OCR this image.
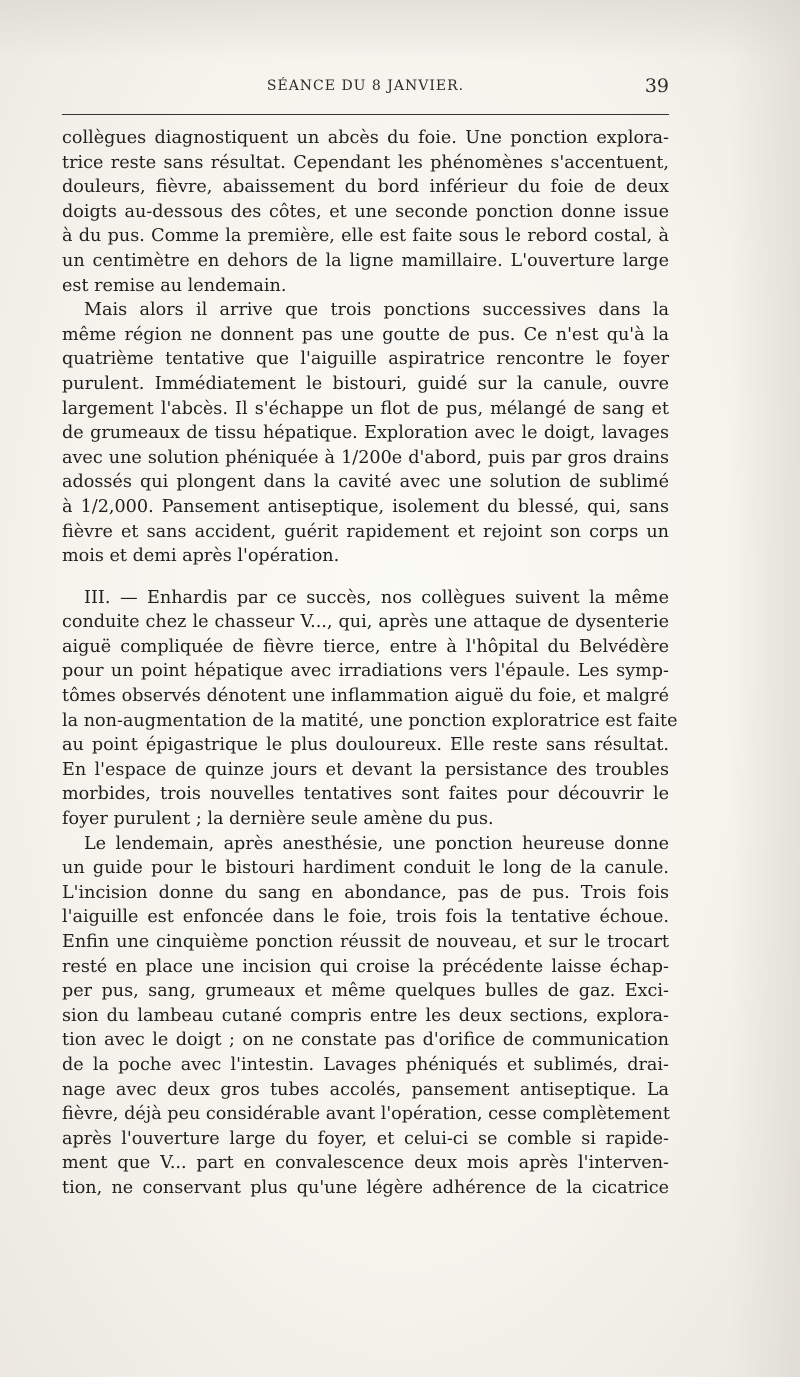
SÉANCE DU 8 JANVIER.	39
collègues diagnostiquent un abcès du foie. Une ponction explora-
trice reste sans résultat. Cependant les phénomènes s'accentuent,
douleurs, fièvre, abaissement du bord inférieur du foie de deux
doigts au-dessous des côtes, et une seconde ponction donne issue
à du pus. Comme la première, elle est faite sous le rebord costal, à
un centimètre en dehors de la ligne mamillaire. L'ouverture large
est remise au lendemain.
Mais alors il arrive que trois ponctions successives dans la
même région ne donnent pas une goutte de pus. Ce n'est qu'à la
quatrième tentative que l'aiguille aspiratrice rencontre le foyer
purulent. Immédiatement le bistouri, guidé sur la canule, ouvre
largement l'abcès. Il s'échappe un flot de pus, mélangé de sang et
de grumeaux de tissu hépatique. Exploration avec le doigt, lavages
avec une solution phéniquée à 1/200e d'abord, puis par gros drains
adossés qui plongent dans la cavité avec une solution de sublimé
à 1/2,000. Pansement antiseptique, isolement du blessé, qui, sans
fièvre et sans accident, guérit rapidement et rejoint son corps un
mois et demi après l'opération.
III. — Enhardis par ce succès, nos collègues suivent la même
conduite chez le chasseur V..., qui, après une attaque de dysenterie
aiguë compliquée de fièvre tierce, entre à l'hôpital du Belvédère
pour un point hépatique avec irradiations vers l'épaule. Les symp-
tômes observés dénotent une inflammation aiguë du foie, et malgré
la non-augmentation de la matité, une ponction exploratrice est faite
au point épigastrique le plus douloureux. Elle reste sans résultat.
En l'espace de quinze jours et devant la persistance des troubles
morbides, trois nouvelles tentatives sont faites pour découvrir le
foyer purulent ; la dernière seule amène du pus.
Le lendemain, après anesthésie, une ponction heureuse donne
un guide pour le bistouri hardiment conduit le long de la canule.
L'incision donne du sang en abondance, pas de pus. Trois fois
l'aiguille est enfoncée dans le foie, trois fois la tentative échoue.
Enfin une cinquième ponction réussit de nouveau, et sur le trocart
resté en place une incision qui croise la précédente laisse échap-
per pus, sang, grumeaux et même quelques bulles de gaz. Exci-
sion du lambeau cutané compris entre les deux sections, explora-
tion avec le doigt ; on ne constate pas d'orifice de communication
de la poche avec l'intestin. Lavages phéniqués et sublimés, drai-
nage avec deux gros tubes accolés, pansement antiseptique. La
fièvre, déjà peu considérable avant l'opération, cesse complètement
après l'ouverture large du foyer, et celui-ci se comble si rapide-
ment que V... part en convalescence deux mois après l'interven-
tion, ne conservant plus qu'une légère adhérence de la cicatrice
